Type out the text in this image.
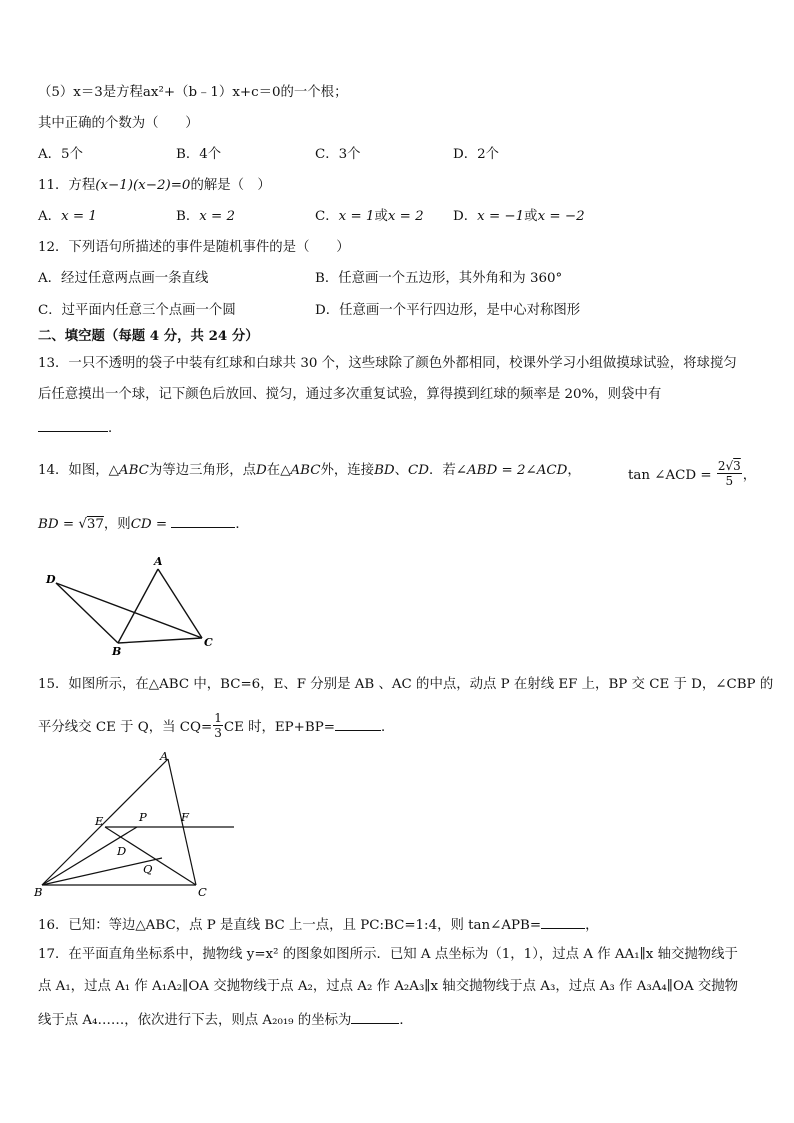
（5）x＝3是方程ax²+（b﹣1）x+c＝0的一个根；
其中正确的个数为（　　）
A．5个	B．4个	C．3个	D．2个
11．方程(x−1)(x−2)=0的解是（　）
A．x = 1	B．x = 2	C．x = 1或x = 2 D．x = −1或x = −2
12．下列语句所描述的事件是随机事件的是（　　）
A．经过任意两点画一条直线	B．任意画一个五边形，其外角和为 360°
C．过平面内任意三个点画一个圆	D．任意画一个平行四边形，是中心对称图形
二、填空题（每题 4 分，共 24 分）
13．一只不透明的袋子中装有红球和白球共 30 个，这些球除了颜色外都相同，校课外学习小组做摸球试验，将球搅匀
后任意摸出一个球，记下颜色后放回、搅匀，通过多次重复试验，算得摸到红球的频率是 20%，则袋中有
．
14．如图，△ABC为等边三角形，点D在△ABC外，连接BD、CD．若∠ABD = 2∠ACD，	tan ∠ACD = $\frac{2√3}{5}$ ，
BD = √37，则CD =	．
A
D
B
C
15．如图所示，在△ABC 中，BC=6，E、F 分别是 AB 、AC 的中点，动点 P 在射线 EF 上，BP 交 CE 于 D，∠CBP 的
平分线交 CE 于 Q，当 $CQ= \frac{1}{3}$ CE 时，EP+BP=	．
A
E	P	F
D
Q
B	C
16．已知：等边△ABC，点 P 是直线 BC 上一点，且 PC:BC=1:4，则 tan∠APB=	，
17．在平面直角坐标系中，抛物线 y=x² 的图象如图所示．已知 A 点坐标为（1，1），过点 A 作 AA₁∥x 轴交抛物线于
点 A₁，过点 A₁ 作 A₁A₂∥OA 交抛物线于点 A₂，过点 A₂ 作 A₂A₃∥x 轴交抛物线于点 A₃，过点 A₃ 作 A₃A₄∥OA 交抛物
线于点 A₄……，依次进行下去，则点 A₂₀₁₉ 的坐标为	．
